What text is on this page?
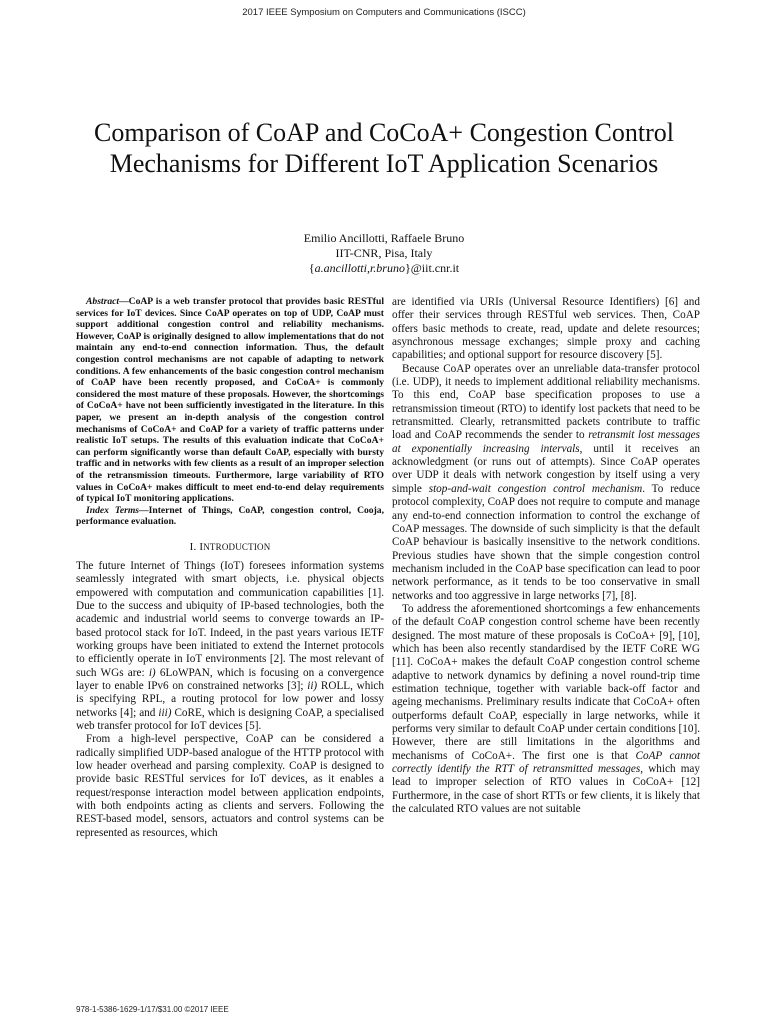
2017 IEEE Symposium on Computers and Communications (ISCC)
Comparison of CoAP and CoCoA+ Congestion Control Mechanisms for Different IoT Application Scenarios
Emilio Ancillotti, Raffaele Bruno
IIT-CNR, Pisa, Italy
{a.ancillotti,r.bruno}@iit.cnr.it

Abstract—CoAP is a web transfer protocol that provides basic RESTful services for IoT devices. Since CoAP operates on top of UDP, CoAP must support additional congestion control and reliability mechanisms. However, CoAP is originally designed to allow implementations that do not maintain any end-to-end connection information. Thus, the default congestion control mechanisms are not capable of adapting to network conditions. A few enhancements of the basic congestion control mechanism of CoAP have been recently proposed, and CoCoA+ is commonly considered the most mature of these proposals. However, the shortcomings of CoCoA+ have not been sufficiently investigated in the literature. In this paper, we present an in-depth analysis of the congestion control mechanisms of CoCoA+ and CoAP for a variety of traffic patterns under realistic IoT setups. The results of this evaluation indicate that CoCoA+ can perform significantly worse than default CoAP, especially with bursty traffic and in networks with few clients as a result of an improper selection of the retransmission timeouts. Furthermore, large variability of RTO values in CoCoA+ makes difficult to meet end-to-end delay requirements of typical IoT monitoring applications.

Index Terms—Internet of Things, CoAP, congestion control, Cooja, performance evaluation.

I. INTRODUCTION

The future Internet of Things (IoT) foresees information systems seamlessly integrated with smart objects, i.e. physical objects empowered with computation and communication capabilities [1]. Due to the success and ubiquity of IP-based technologies, both the academic and industrial world seems to converge towards an IP-based protocol stack for IoT. Indeed, in the past years various IETF working groups have been initiated to extend the Internet protocols to efficiently operate in IoT environments [2]. The most relevant of such WGs are: i) 6LoWPAN, which is focusing on a convergence layer to enable IPv6 on constrained networks [3]; ii) ROLL, which is specifying RPL, a routing protocol for low power and lossy networks [4]; and iii) CoRE, which is designing CoAP, a specialised web transfer protocol for IoT devices [5].

From a high-level perspective, CoAP can be considered a radically simplified UDP-based analogue of the HTTP protocol with low header overhead and parsing complexity. CoAP is designed to provide basic RESTful services for IoT devices, as it enables a request/response interaction model between application endpoints, with both endpoints acting as clients and servers. Following the REST-based model, sensors, actuators and control systems can be represented as resources, which

are identified via URIs (Universal Resource Identifiers) [6] and offer their services through RESTful web services. Then, CoAP offers basic methods to create, read, update and delete resources; asynchronous message exchanges; simple proxy and caching capabilities; and optional support for resource discovery [5].

Because CoAP operates over an unreliable data-transfer protocol (i.e. UDP), it needs to implement additional reliability mechanisms. To this end, CoAP base specification proposes to use a retransmission timeout (RTO) to identify lost packets that need to be retransmitted. Clearly, retransmitted packets contribute to traffic load and CoAP recommends the sender to retransmit lost messages at exponentially increasing intervals, until it receives an acknowledgment (or runs out of attempts). Since CoAP operates over UDP it deals with network congestion by itself using a very simple stop-and-wait congestion control mechanism. To reduce protocol complexity, CoAP does not require to compute and manage any end-to-end connection information to control the exchange of CoAP messages. The downside of such simplicity is that the default CoAP behaviour is basically insensitive to the network conditions. Previous studies have shown that the simple congestion control mechanism included in the CoAP base specification can lead to poor network performance, as it tends to be too conservative in small networks and too aggressive in large networks [7], [8].

To address the aforementioned shortcomings a few enhancements of the default CoAP congestion control scheme have been recently designed. The most mature of these proposals is CoCoA+ [9], [10], which has been also recently standardised by the IETF CoRE WG [11]. CoCoA+ makes the default CoAP congestion control scheme adaptive to network dynamics by defining a novel round-trip time estimation technique, together with variable back-off factor and ageing mechanisms. Preliminary results indicate that CoCoA+ often outperforms default CoAP, especially in large networks, while it performs very similar to default CoAP under certain conditions [10]. However, there are still limitations in the algorithms and mechanisms of CoCoA+. The first one is that CoAP cannot correctly identify the RTT of retransmitted messages, which may lead to improper selection of RTO values in CoCoA+ [12] Furthermore, in the case of short RTTs or few clients, it is likely that the calculated RTO values are not suitable

978-1-5386-1629-1/17/$31.00 ©2017 IEEE
